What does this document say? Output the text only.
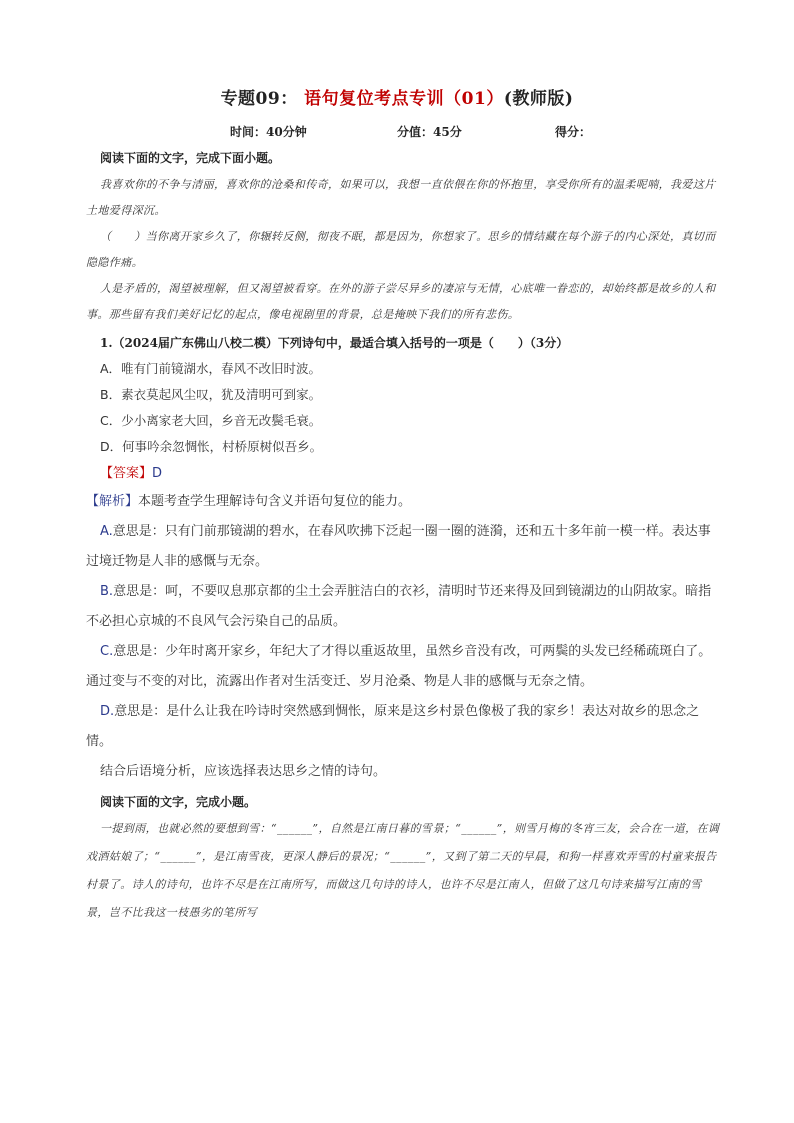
专题09： 语句复位考点专训（01）(教师版)
时间：40分钟	分值：45分	得分：

阅读下面的文字，完成下面小题。

我喜欢你的不争与清丽，喜欢你的沧桑和传奇，如果可以，我想一直依偎在你的怀抱里，享受你所有的温柔呢喃，我爱这片土地爱得深沉。

（　　）当你离开家乡久了，你辗转反侧，彻夜不眠，都是因为，你想家了。思乡的情结藏在每个游子的内心深处，真切而隐隐作痛。

人是矛盾的，渴望被理解，但又渴望被看穿。在外的游子尝尽异乡的凄凉与无情，心底唯一眷恋的，却始终都是故乡的人和事。那些留有我们美好记忆的起点，像电视剧里的背景，总是掩映下我们的所有悲伤。

1.（2024届广东佛山八校二模）下列诗句中，最适合填入括号的一项是（　　）（3分）

A．唯有门前镜湖水，春风不改旧时波。

B．素衣莫起风尘叹，犹及清明可到家。

C．少小离家老大回，乡音无改鬓毛衰。

D．何事吟余忽惆怅，村桥原树似吾乡。

【答案】D

【解析】本题考查学生理解诗句含义并语句复位的能力。

A.意思是：只有门前那镜湖的碧水，在春风吹拂下泛起一圈一圈的涟漪，还和五十多年前一模一样。表达事过境迁物是人非的感慨与无奈。

B.意思是：呵，不要叹息那京都的尘土会弄脏洁白的衣衫，清明时节还来得及回到镜湖边的山阴故家。暗指不必担心京城的不良风气会污染自己的品质。

C.意思是：少年时离开家乡，年纪大了才得以重返故里，虽然乡音没有改，可两鬓的头发已经稀疏斑白了。通过变与不变的对比，流露出作者对生活变迁、岁月沧桑、物是人非的感慨与无奈之情。

D.意思是：是什么让我在吟诗时突然感到惆怅，原来是这乡村景色像极了我的家乡！表达对故乡的思念之情。

结合后语境分析，应该选择表达思乡之情的诗句。

阅读下面的文字，完成小题。

一提到雨，也就必然的要想到雪：“______”，自然是江南日暮的雪景；“______”，则雪月梅的冬宵三友，会合在一道，在调戏酒姑娘了；“______”，是江南雪夜，更深人静后的景况；“______”，又到了第二天的早晨，和狗一样喜欢弄雪的村童来报告村景了。诗人的诗句，也许不尽是在江南所写，而做这几句诗的诗人，也许不尽是江南人，但做了这几句诗来描写江南的雪景，岂不比我这一枝愚劣的笔所写
